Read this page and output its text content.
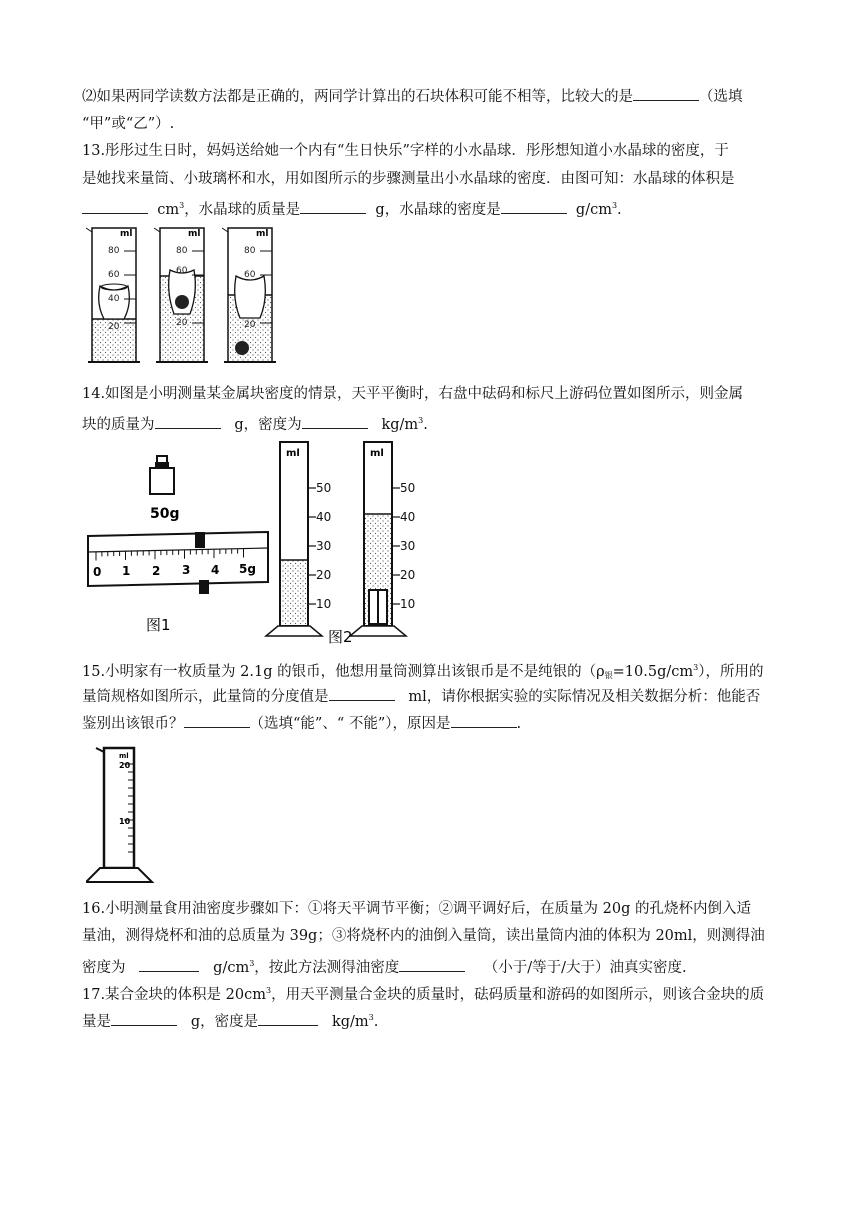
⑵如果两同学读数方法都是正确的，两同学计算出的石块体积可能不相等，比较大的是	（选填
“甲”或“乙”）.
13.彤彤过生日时，妈妈送给她一个内有“生日快乐”字样的小水晶球．彤彤想知道小水晶球的密度，于
是她找来量筒、小玻璃杯和水，用如图所示的步骤测量出小水晶球的密度．由图可知：水晶球的体积是
$cm^3$，水晶球的质量是	g，水晶球的密度是	$g/cm^3$.
ml	ml	ml
80
60
40
20
80
60
20
80
60
20
14.如图是小明测量某金属块密度的情景，天平平衡时，右盘中砝码和标尺上游码位置如图所示，则金属
块的质量为	g，密度为	$kg/m^3$.
50g
0 1 2 3 4 5g
图1
ml	ml
50
40
30
20
10
50
40
30
20
10
图2
15.小明家有一枚质量为 2.1g 的银币，他想用量筒测算出该银币是不是纯银的$(\rho_银=10.5g/cm^3)$，所用的
量筒规格如图所示，此量筒的分度值是	ml，请你根据实验的实际情况及相关数据分析：他能否
鉴别出该银币？	（选填“能”、“ 不能”），原因是	.
ml
20
10
16.小明测量食用油密度步骤如下：①将天平调节平衡；②调平调好后，在质量为 20g 的孔烧杯内倒入适
量油，测得烧杯和油的总质量为 39g；③将烧杯内的油倒入量筒，读出量筒内油的体积为 20ml，则测得油
密度为	$g/cm^3$，按此方法测得油密度	（小于/等于/大于）油真实密度.
17.某合金块的体积是 $20cm^3$，用天平测量合金块的质量时，砝码质量和游码的如图所示，则该合金块的质
量是	g，密度是	$kg/m^3$.
